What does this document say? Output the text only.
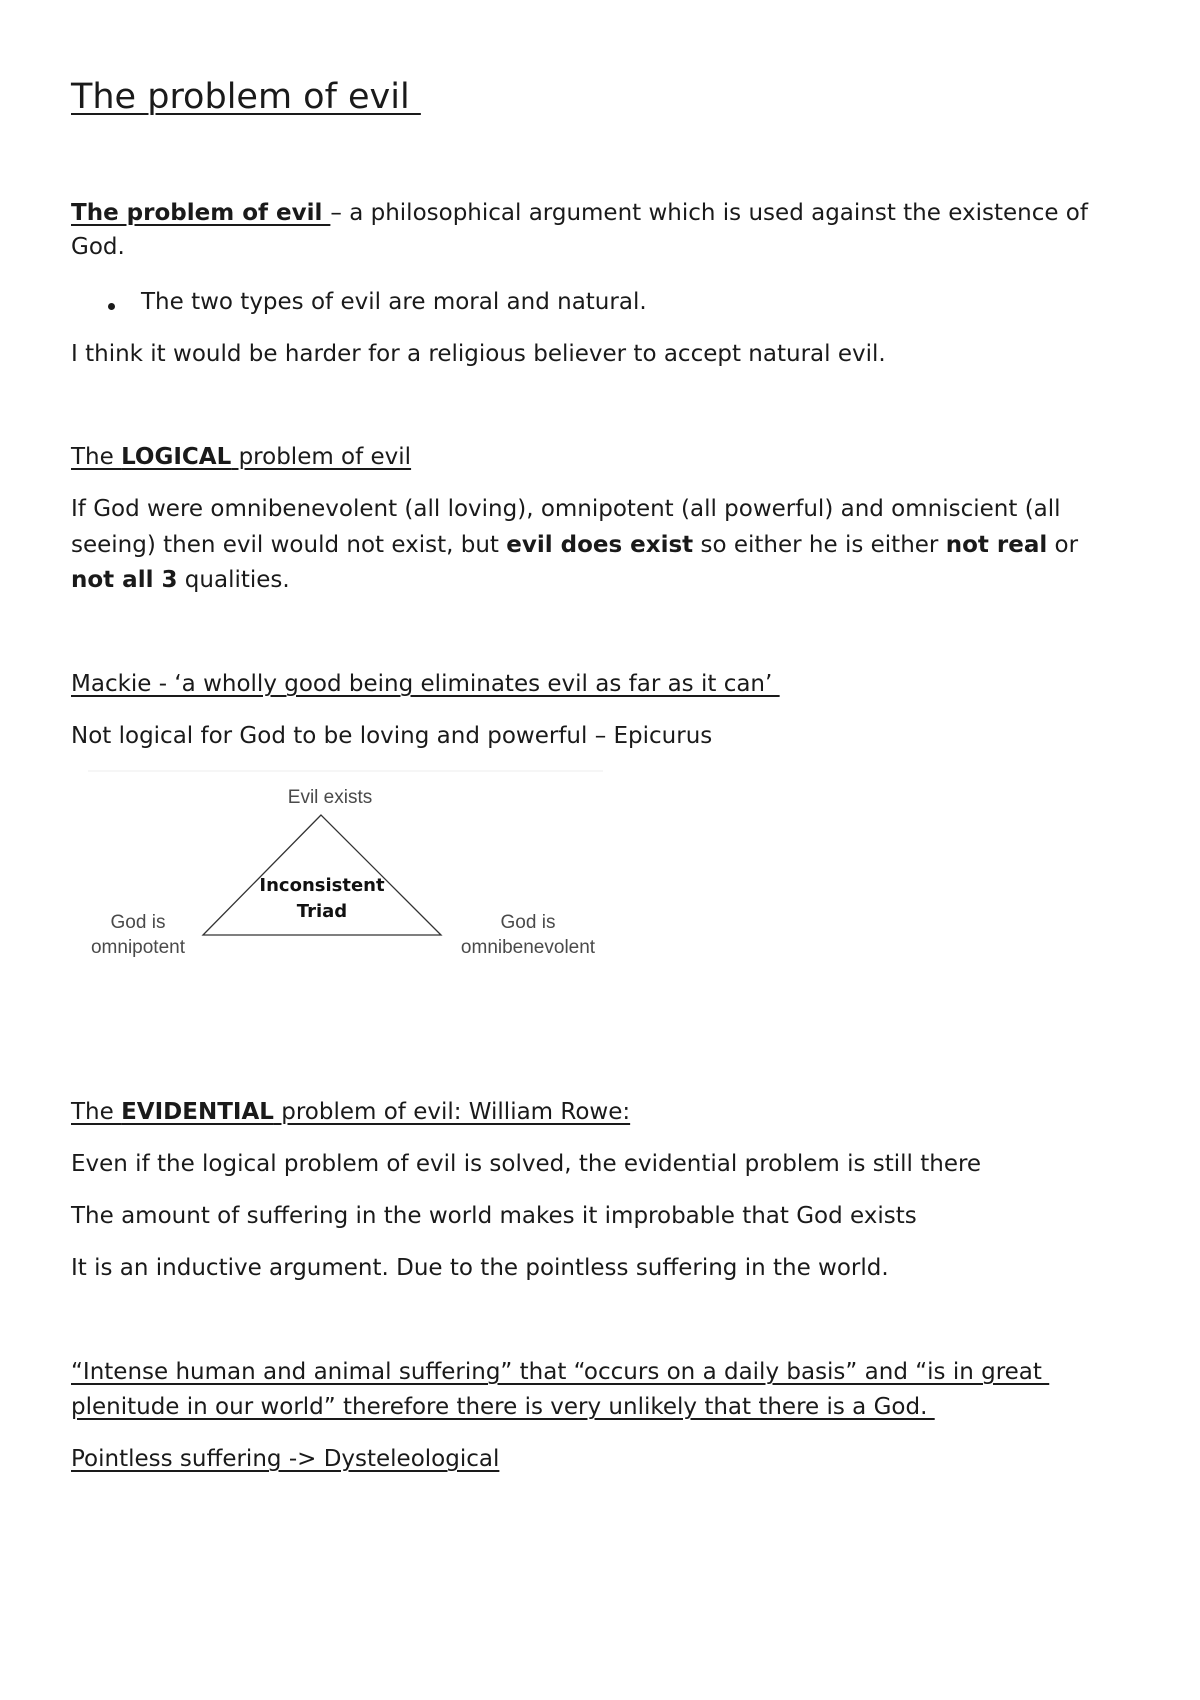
The problem of evil
The problem of evil – a philosophical argument which is used against the existence of
God.
The two types of evil are moral and natural.
I think it would be harder for a religious believer to accept natural evil.
The LOGICAL problem of evil
If God were omnibenevolent (all loving), omnipotent (all powerful) and omniscient (all
seeing) then evil would not exist, but evil does exist so either he is either not real or
not all 3 qualities.
Mackie - ‘a wholly good being eliminates evil as far as it can’
Not logical for God to be loving and powerful – Epicurus
Evil exists
Inconsistent
Triad
God is
omnipotent
God is
omnibenevolent
The EVIDENTIAL problem of evil: William Rowe:
Even if the logical problem of evil is solved, the evidential problem is still there
The amount of suffering in the world makes it improbable that God exists
It is an inductive argument. Due to the pointless suffering in the world.
“Intense human and animal suffering” that “occurs on a daily basis” and “is in great
plenitude in our world” therefore there is very unlikely that there is a God.
Pointless suffering -> Dysteleological
